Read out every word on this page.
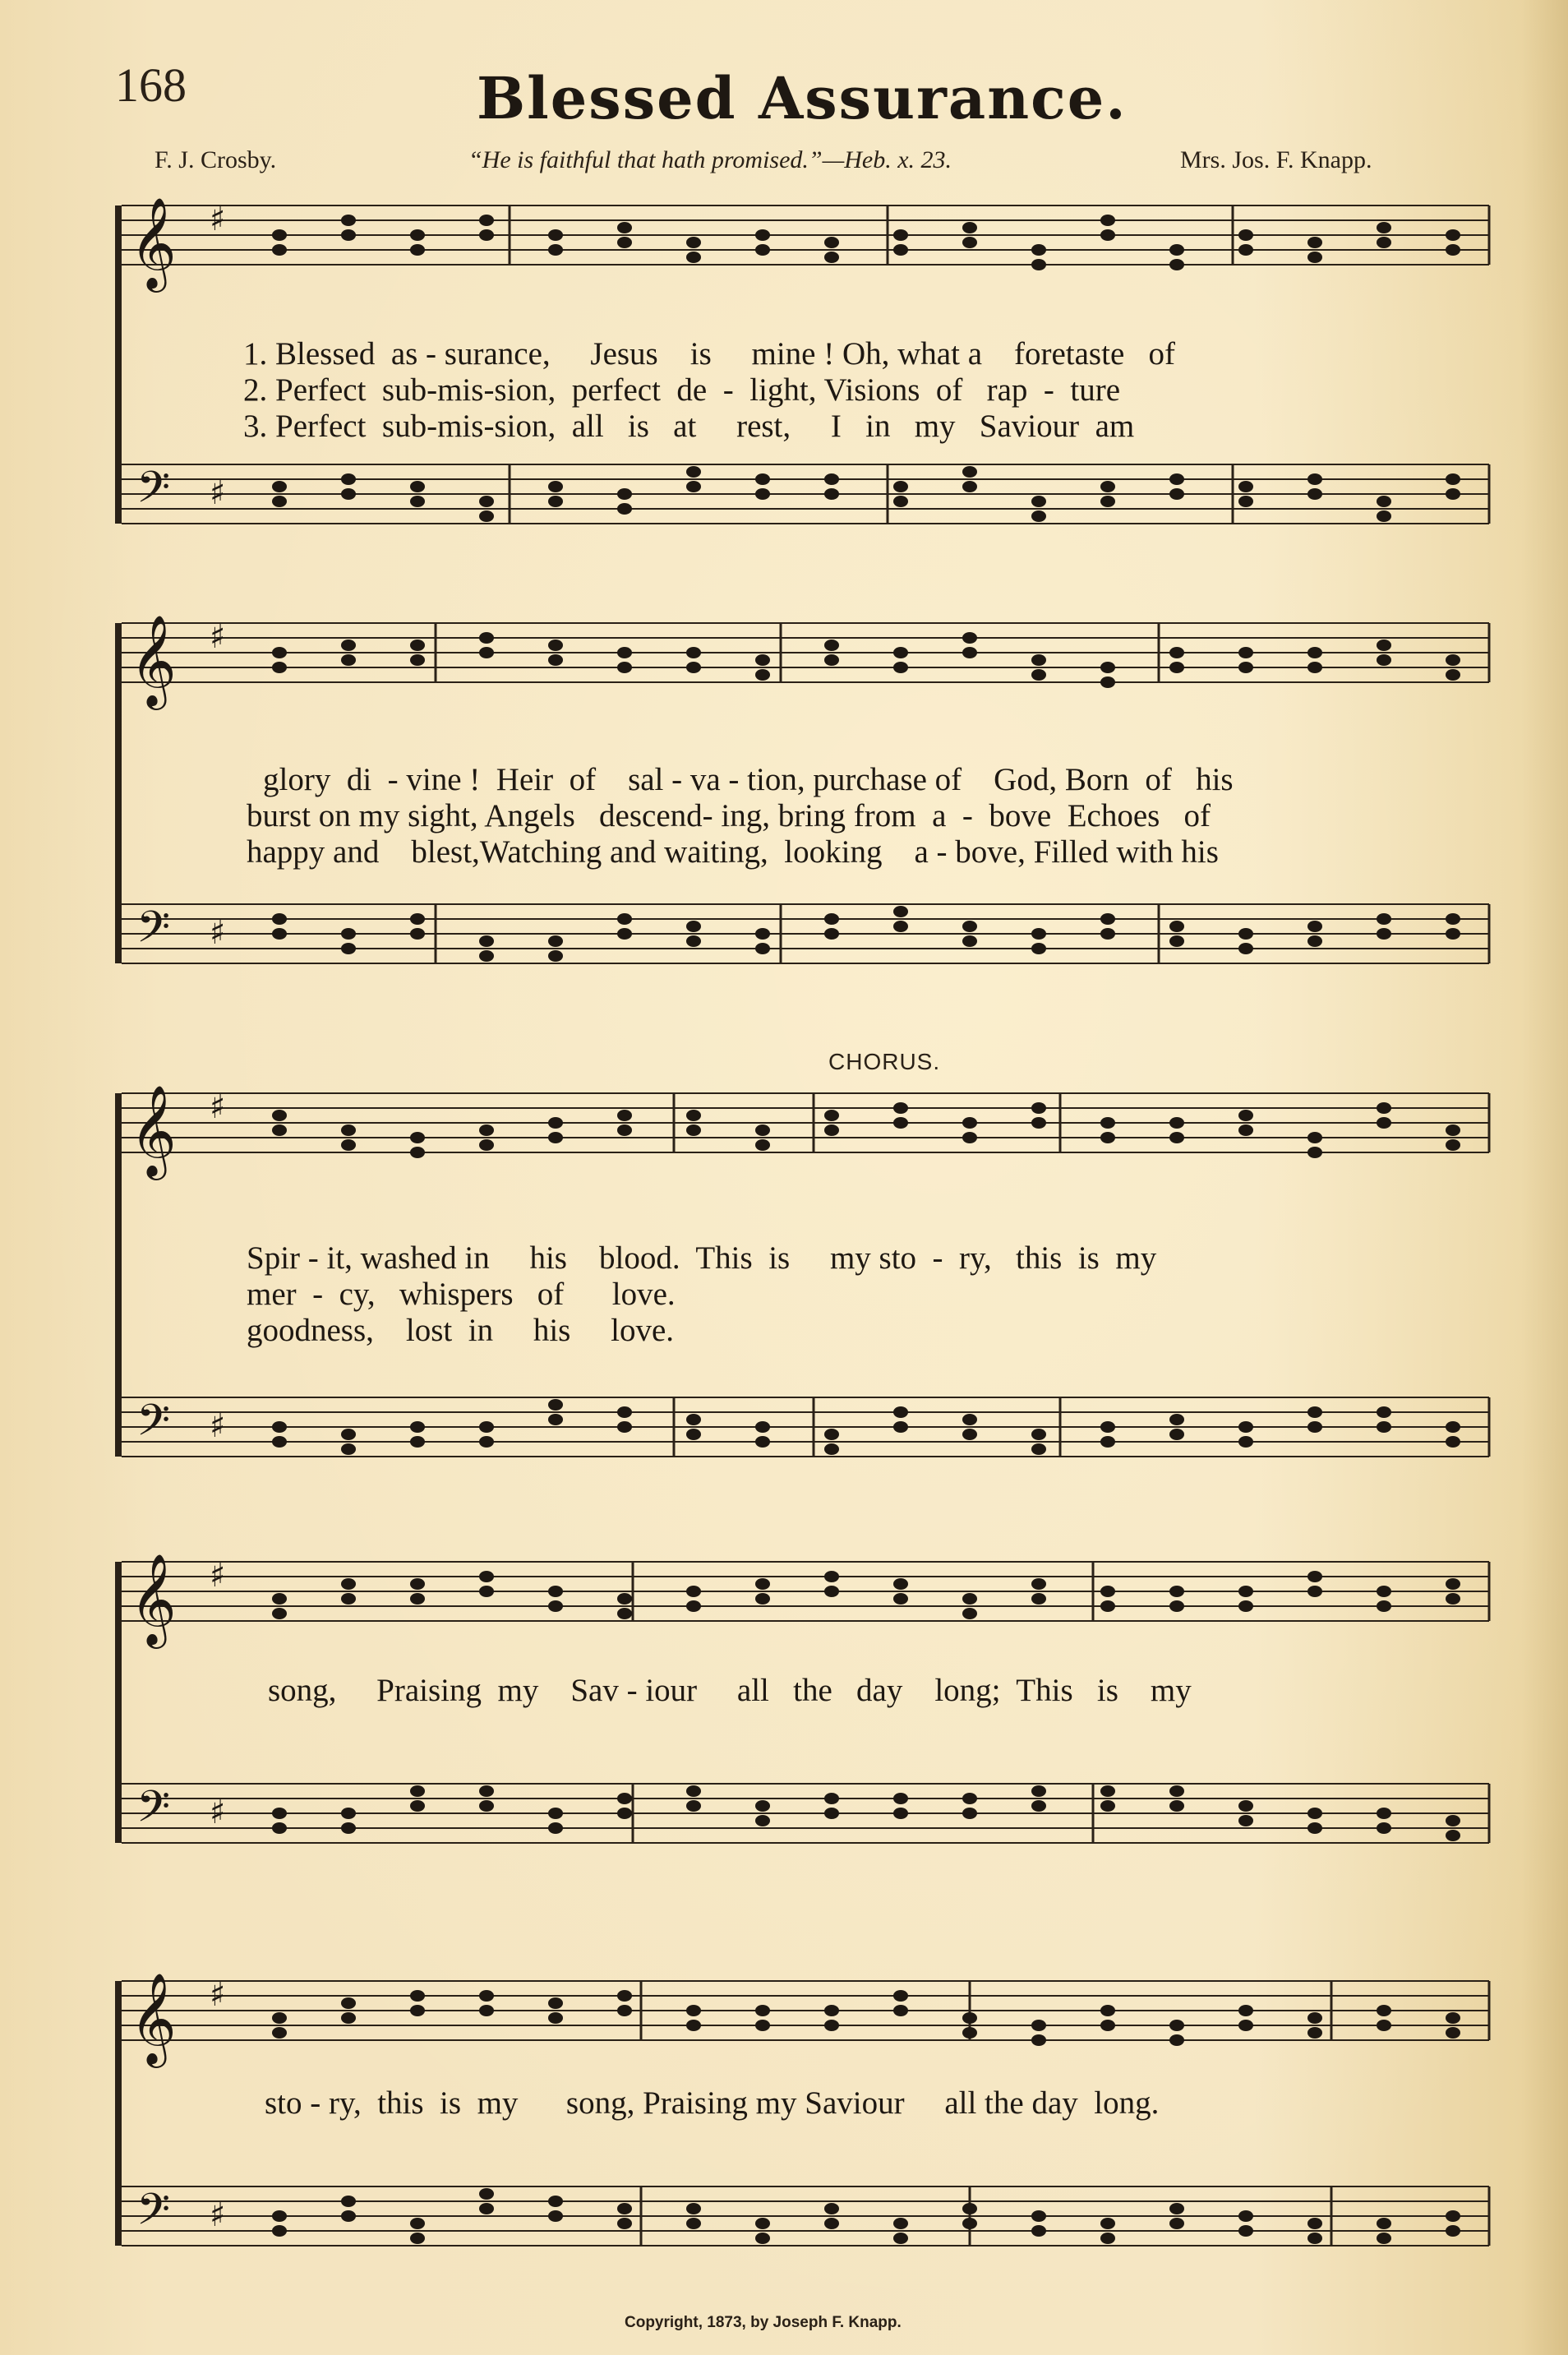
168	Blessed Assurance.
F. J. Crosby.	“He is faithful that hath promised.”—Heb. x. 23.	Mrs. Jos. F. Knapp.
𝄞
𝄢
♯
♯
𝄞
𝄢
♯
♯
𝄞
𝄢
♯
♯
𝄞
𝄢
♯
♯
𝄞
𝄢
♯
♯
1. Blessed  as - surance,     Jesus    is     mine ! Oh, what a    foretaste   of
2. Perfect  sub-mis-sion,  perfect  de  -  light, Visions  of   rap  -  ture
3. Perfect  sub-mis-sion,  all   is   at     rest,     I   in   my   Saviour  am
glory  di  - vine !  Heir  of    sal - va - tion, purchase of    God, Born  of   his
burst on my sight, Angels   descend- ing, bring from  a  -  bove  Echoes   of
happy and    blest,Watching and waiting,  looking    a - bove, Filled with his
CHORUS.
Spir - it, washed in     his    blood.  This  is     my sto  -  ry,   this  is  my
mer  -  cy,   whispers   of      love.
goodness,    lost  in     his     love.
song,     Praising  my    Sav - iour     all   the   day    long;  This   is    my
sto - ry,  this  is  my      song, Praising my Saviour     all the day  long.
Copyright, 1873, by Joseph F. Knapp.
